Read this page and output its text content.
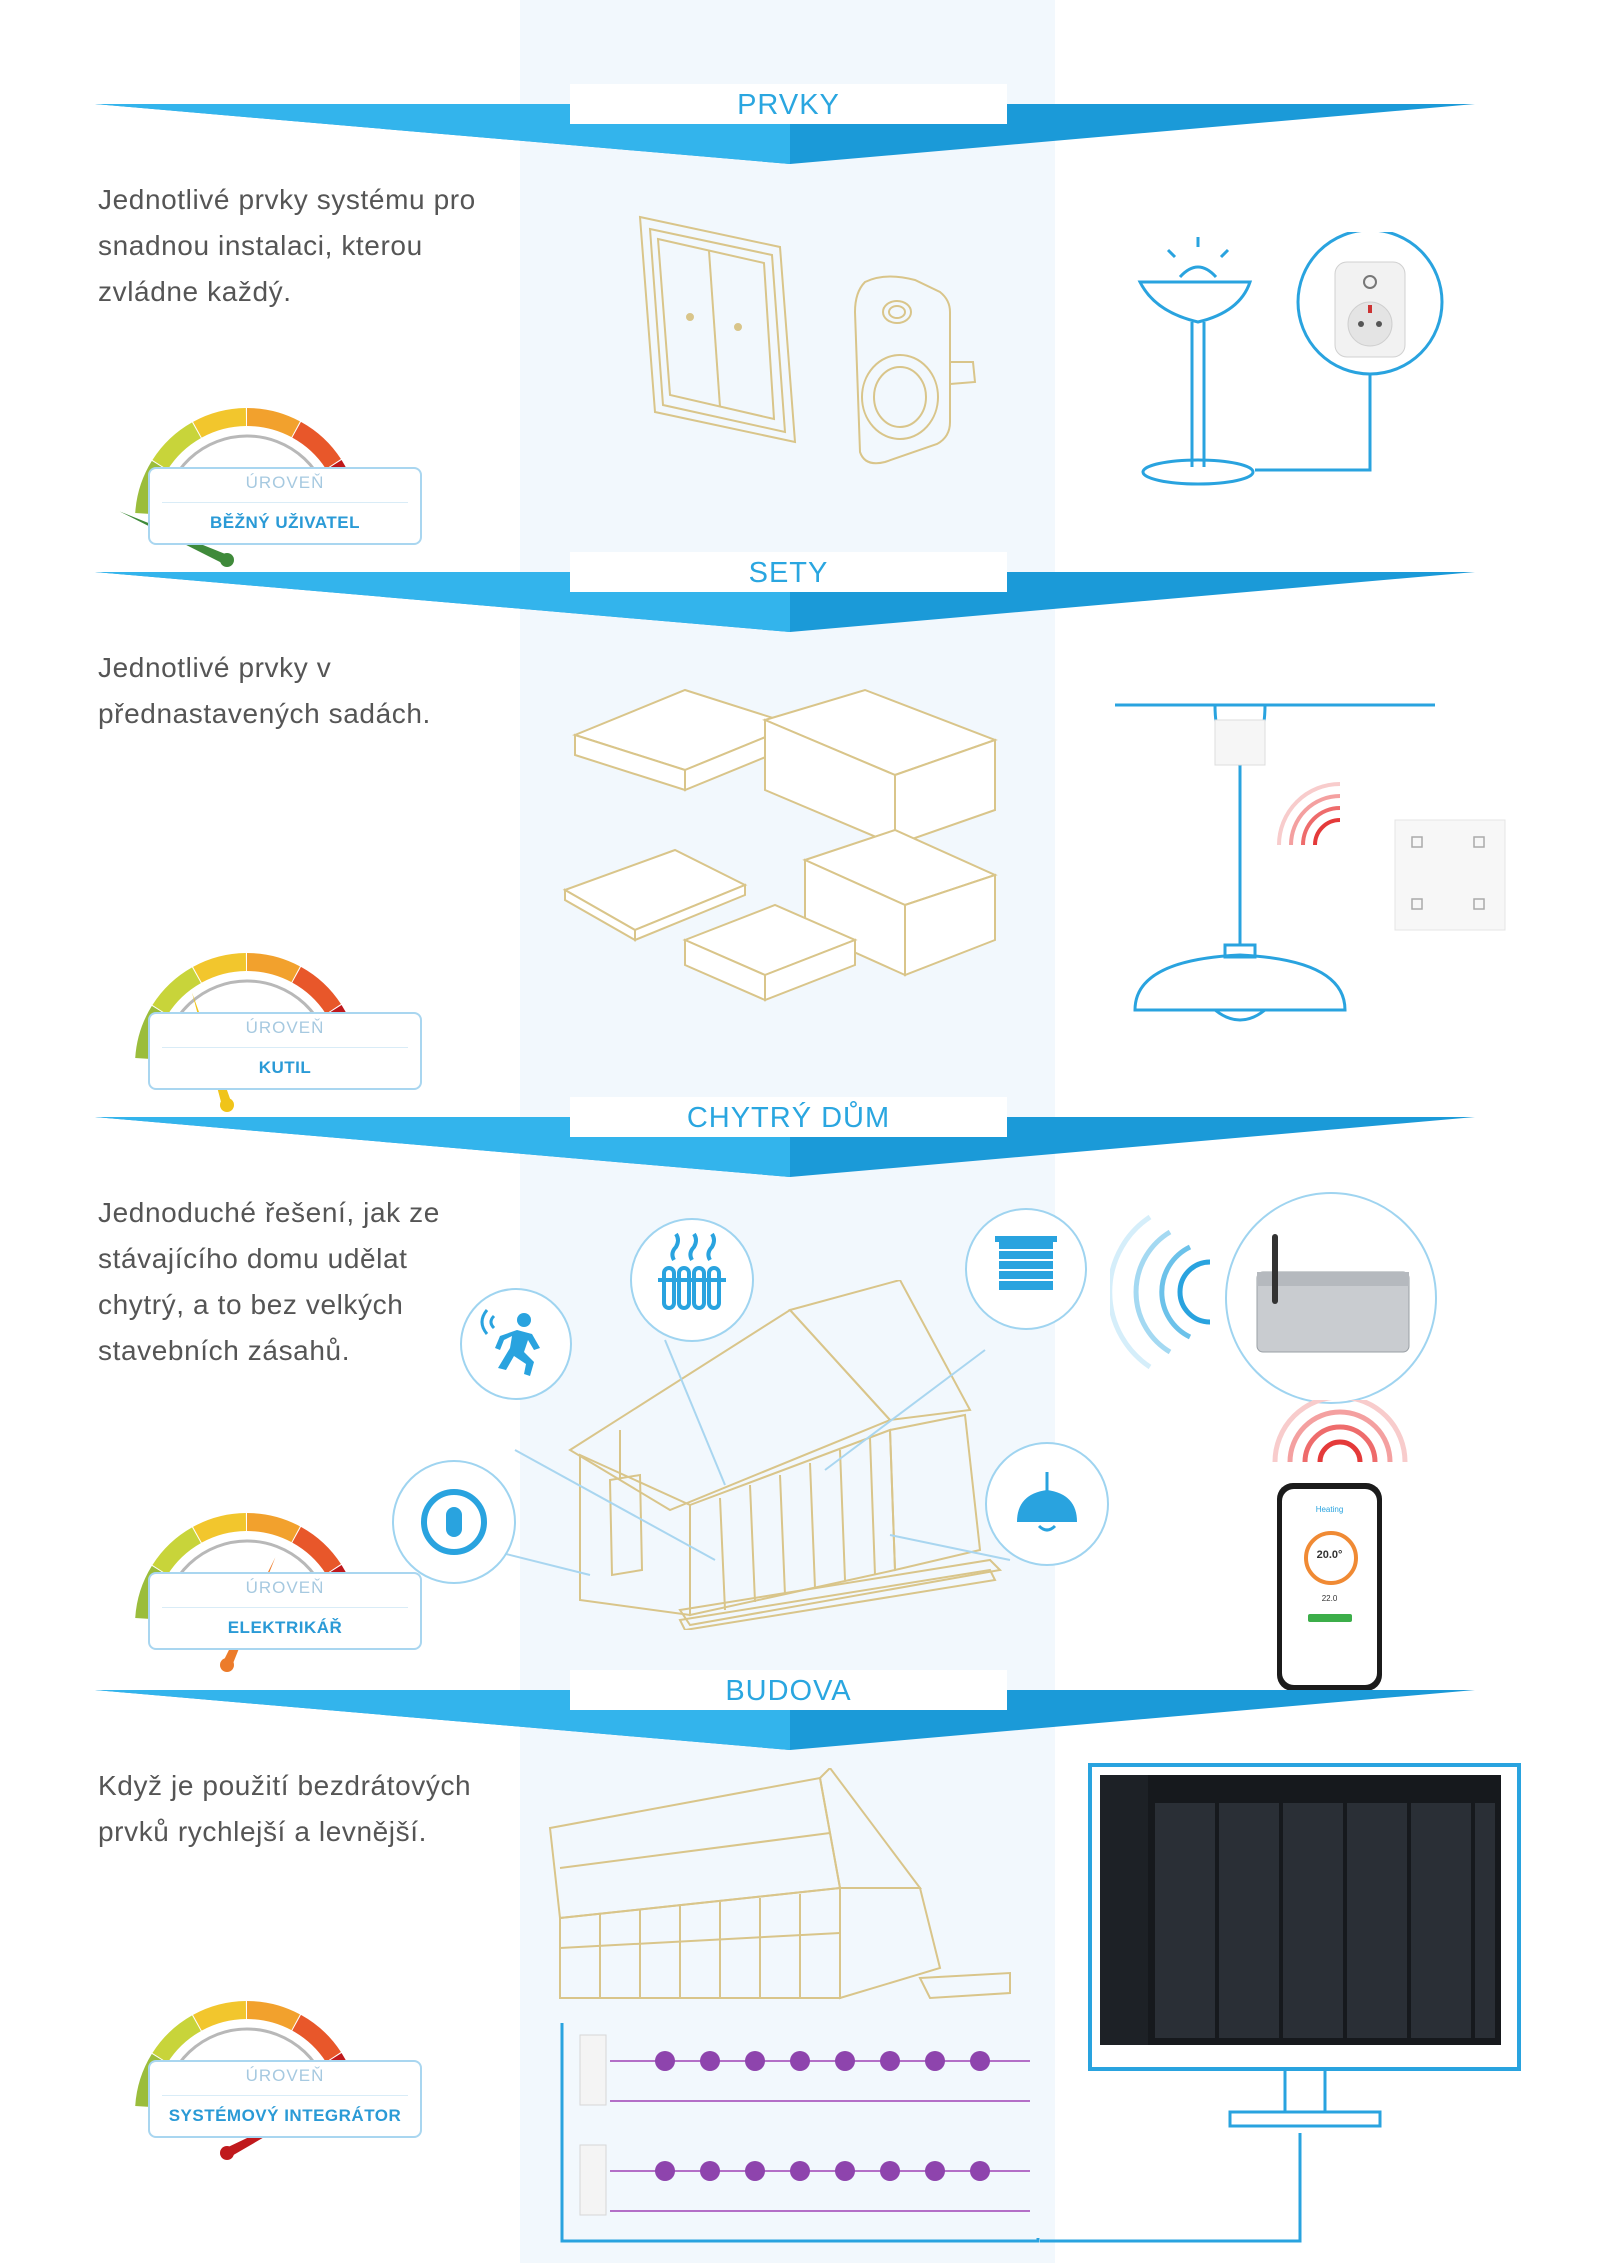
PRVKY

Jednotlivé prvky systému pro snadnou instalaci, kterou zvládne každý.

ÚROVEŇ
BĚŽNÝ UŽIVATEL
SETY

Jednotlivé prvky v přednastavených sadách.

ÚROVEŇ
KUTIL
CHYTRÝ DŮM

Jednoduché řešení, jak ze stávajícího domu udělat chytrý, a to bez velkých stavebních zásahů.

ÚROVEŇ
ELEKTRIKÁŘ
Heating
20.0°
22.0
BUDOVA

Když je použití bezdrátových prvků rychlejší a levnější.

ÚROVEŇ
SYSTÉMOVÝ INTEGRÁTOR
